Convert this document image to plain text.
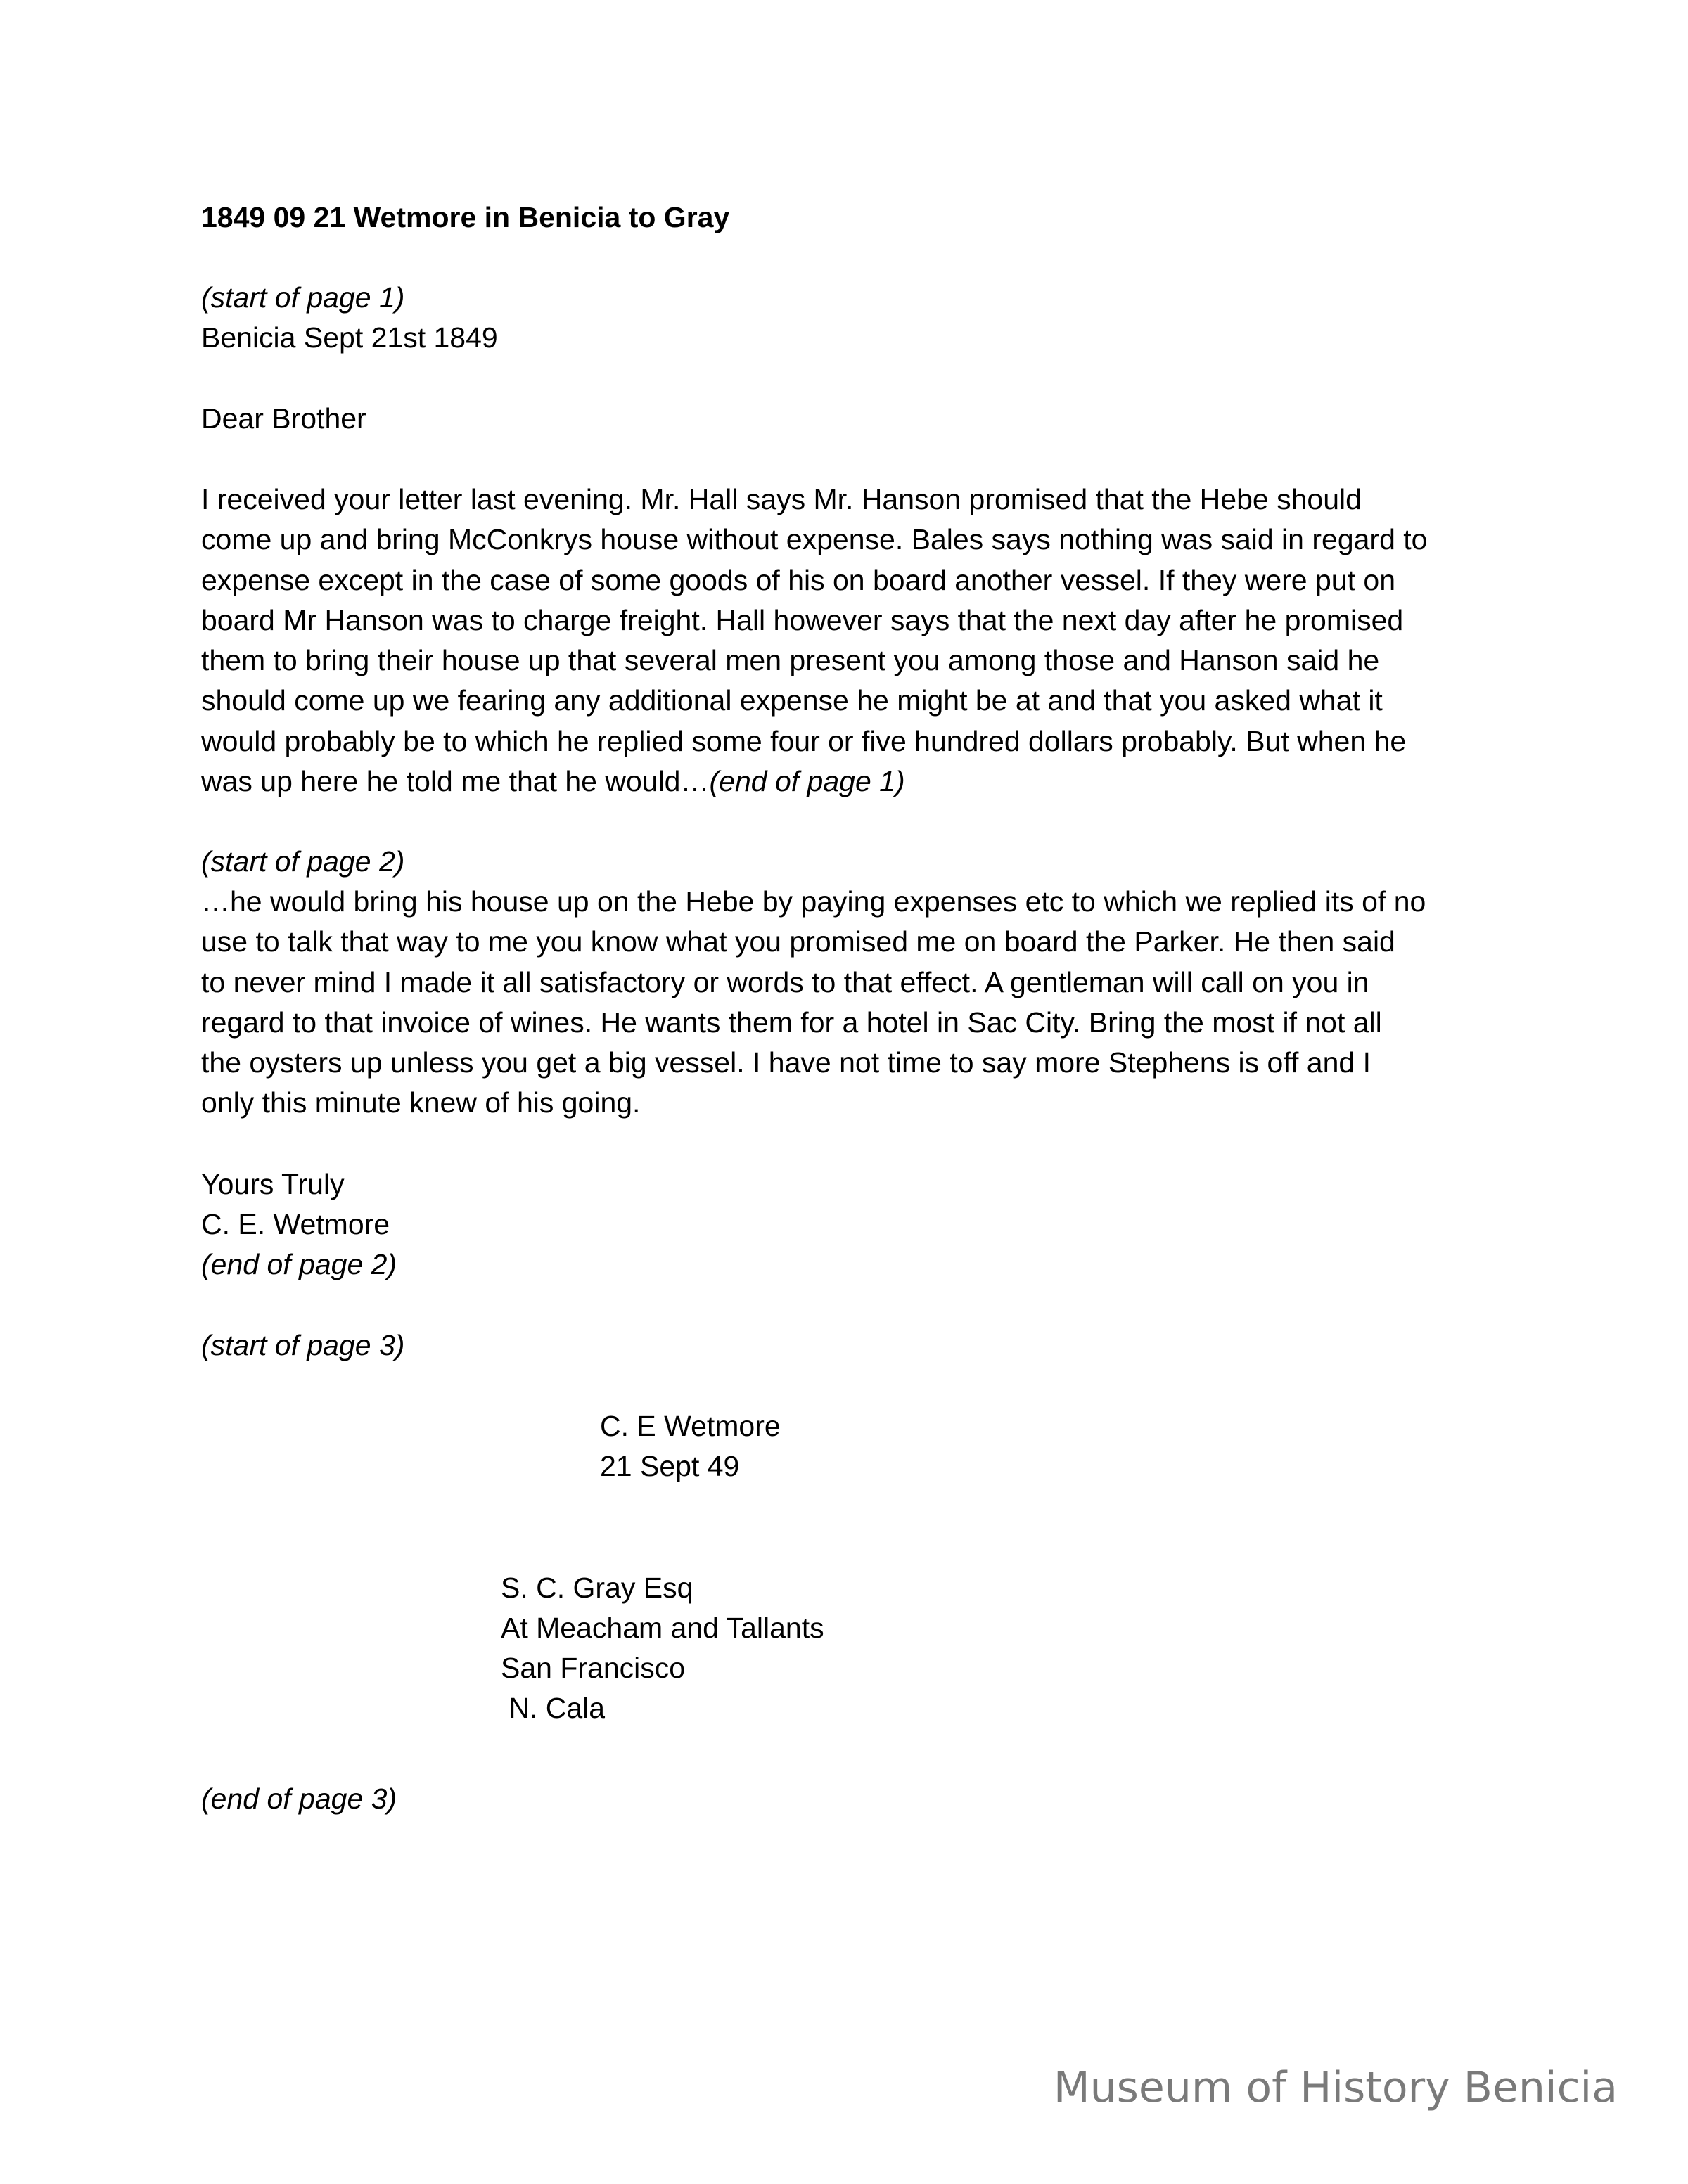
1849 09 21 Wetmore in Benicia to Gray
(start of page 1)
Benicia Sept 21st 1849
Dear Brother
I received your letter last evening. Mr. Hall says Mr. Hanson promised that the Hebe should
come up and bring McConkrys house without expense. Bales says nothing was said in regard to
expense except in the case of some goods of his on board another vessel. If they were put on
board Mr Hanson was to charge freight. Hall however says that the next day after he promised
them to bring their house up that several men present you among those and Hanson said he
should come up we fearing any additional expense he might be at and that you asked what it
would probably be to which he replied some four or five hundred dollars probably. But when he
was up here he told me that he would…(end of page 1)
(start of page 2)
…he would bring his house up on the Hebe by paying expenses etc to which we replied its of no
use to talk that way to me you know what you promised me on board the Parker. He then said
to never mind I made it all satisfactory or words to that effect. A gentleman will call on you in
regard to that invoice of wines. He wants them for a hotel in Sac City. Bring the most if not all
the oysters up unless you get a big vessel. I have not time to say more Stephens is off and I
only this minute knew of his going.
Yours Truly
C. E. Wetmore
(end of page 2)
(start of page 3)
C. E Wetmore
21 Sept 49
S. C. Gray Esq
At Meacham and Tallants
San Francisco
N. Cala
(end of page 3)
Museum of History Benicia
